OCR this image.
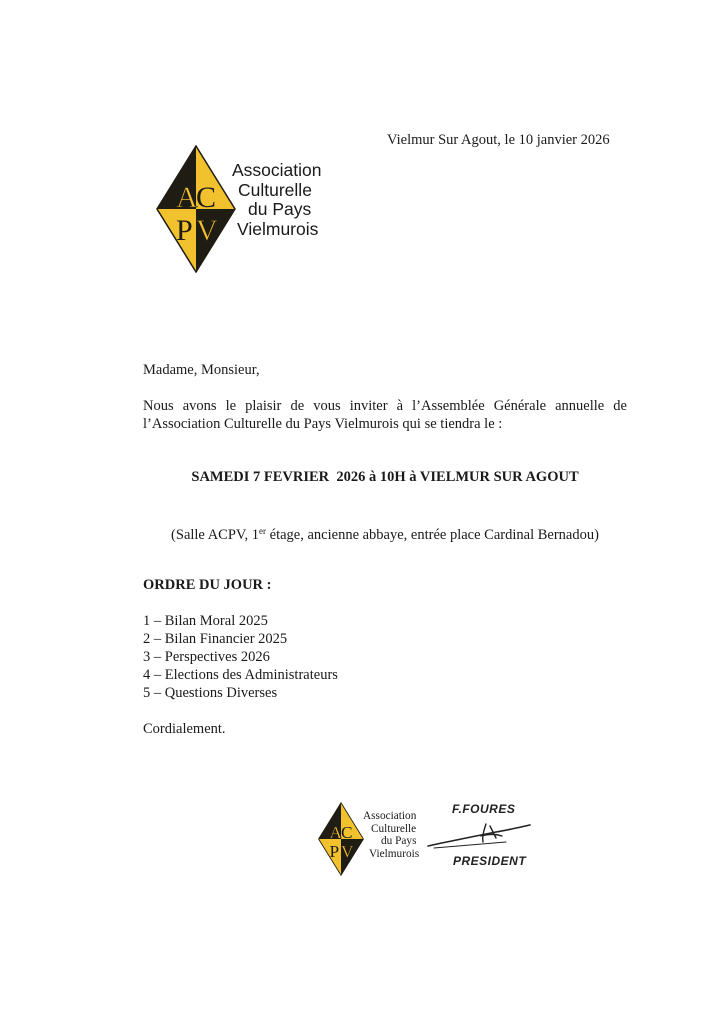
Vielmur Sur Agout, le 10 janvier 2026
A
C
P V
Association
Culturelle
du Pays
Vielmurois
Madame, Monsieur,
Nous avons le plaisir de vous inviter à l’Assemblée Générale annuelle de
l’Association Culturelle du Pays Vielmurois qui se tiendra le :
SAMEDI 7 FEVRIER  2026 à 10H à VIELMUR SUR AGOUT
(Salle ACPV, 1er étage, ancienne abbaye, entrée place Cardinal Bernadou)
ORDRE DU JOUR :
1 – Bilan Moral 2025
2 – Bilan Financier 2025
3 – Perspectives 2026
4 – Elections des Administrateurs
5 – Questions Diverses
Cordialement.
A C
P V
Association
Culturelle
du Pays
Vielmurois
F.FOURES
PRESIDENT
